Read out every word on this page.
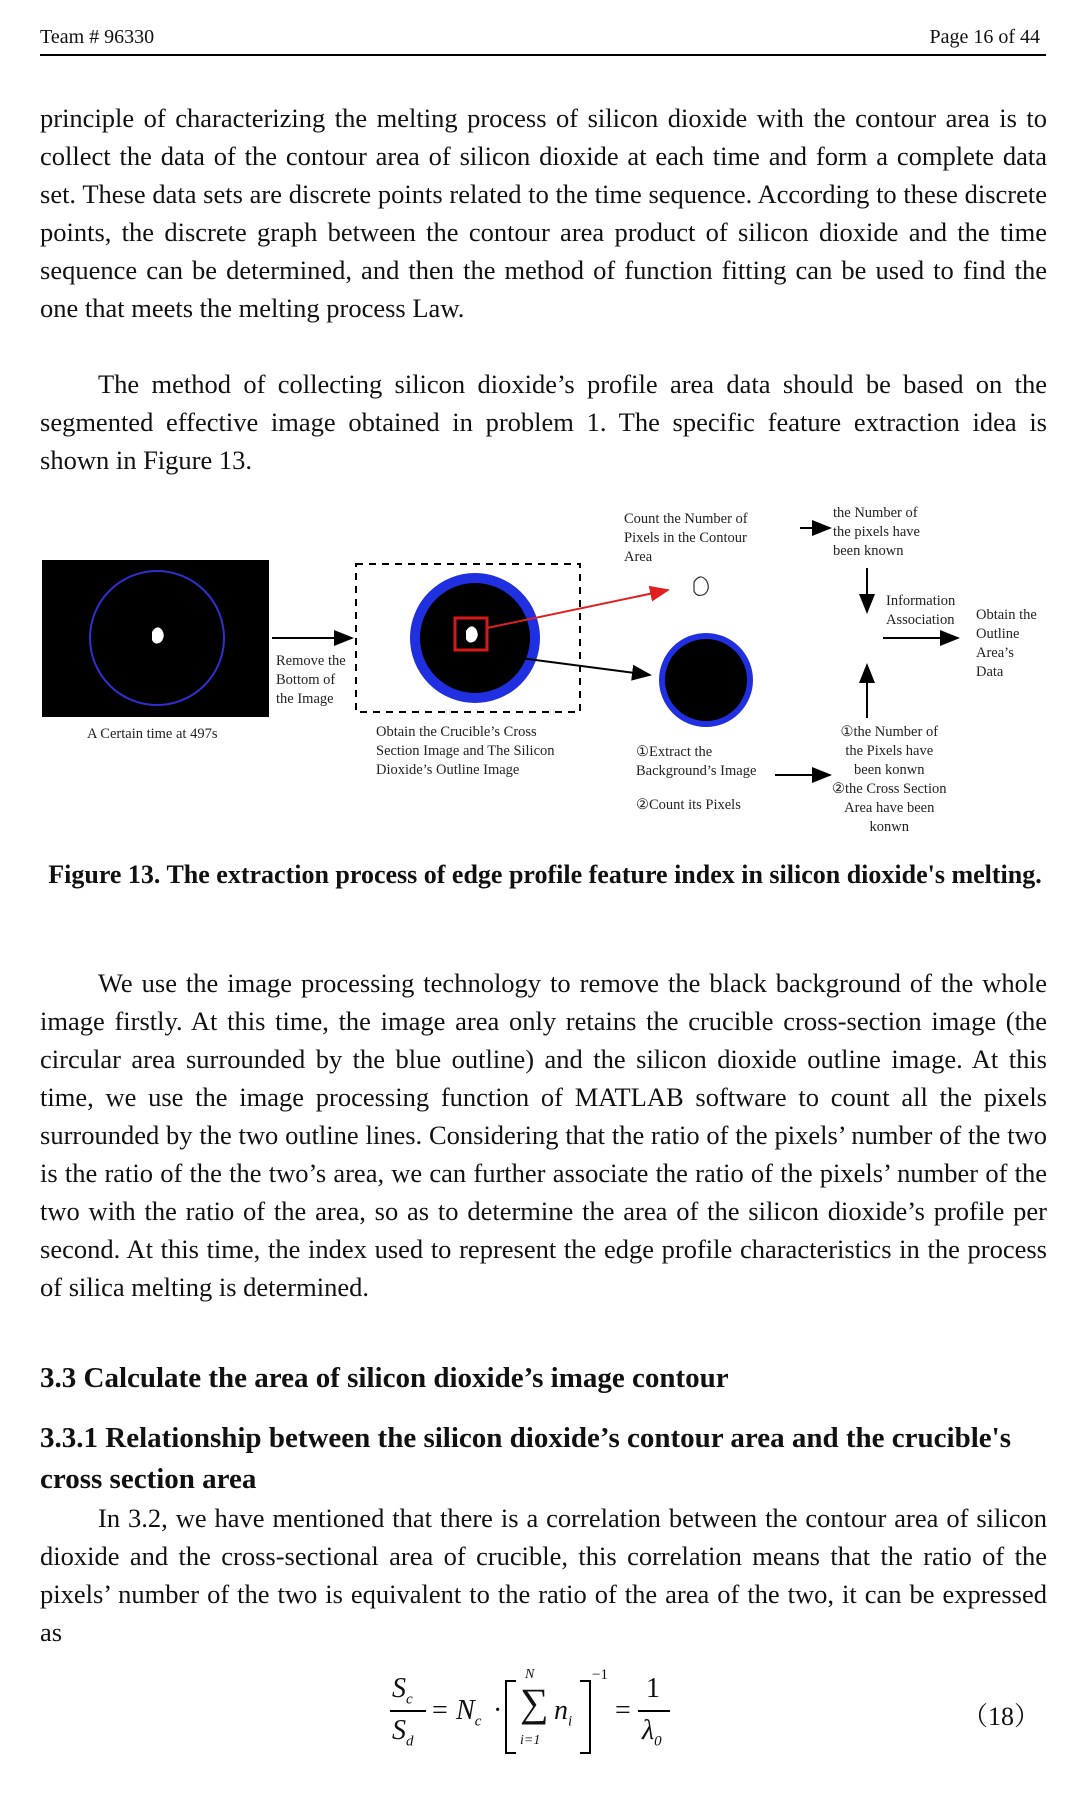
Team # 96330	Page 16 of 44

principle of characterizing the melting process of silicon dioxide with the contour area is to collect the data of the contour area of silicon dioxide at each time and form a complete data set. These data sets are discrete points related to the time sequence. According to these discrete points, the discrete graph between the contour area product of silicon dioxide and the time sequence can be determined, and then the method of function fitting can be used to find the one that meets the melting process Law.

The method of collecting silicon dioxide’s profile area data should be based on the segmented effective image obtained in problem 1. The specific feature extraction idea is shown in Figure 13.

A Certain time at 497s
Remove the
Bottom of
the Image
Obtain the Crucible’s Cross
Section Image and The Silicon
Dioxide’s Outline Image
Count the Number of
Pixels in the Contour
Area
the Number of
the pixels have
been known
Information
Association Obtain the
Outline
Area’s
Data
①Extract the
Background’s Image
②Count its Pixels
①the Number of
the Pixels have
been konwn
②the Cross Section
Area have been
konwn
Figure 13. The extraction process of edge profile feature index in silicon dioxide's melting.

We use the image processing technology to remove the black background of the whole image firstly. At this time, the image area only retains the crucible cross-section image (the circular area surrounded by the blue outline) and the silicon dioxide outline image. At this time, we use the image processing function of MATLAB software to count all the pixels surrounded by the two outline lines. Considering that the ratio of the pixels’ number of the two is the ratio of the the two’s area, we can further associate the ratio of the pixels’ number of the two with the ratio of the area, so as to determine the area of the silicon dioxide’s profile per second. At this time, the index used to represent the edge profile characteristics in the process of silica melting is determined.

3.3 Calculate the area of silicon dioxide’s image contour
3.3.1 Relationship between the silicon dioxide’s contour area and the crucible's cross section area

In 3.2, we have mentioned that there is a correlation between the contour area of silicon dioxide and the cross-sectional area of crucible, this correlation means that the ratio of the pixels’ number of the two is equivalent to the ratio of the area of the two, it can be expressed as

$S_c$
$S_d$
= $N_c$ ·
N
∑
i=1
$n_i$
−1
=
1
$\lambda_0$
（18）
